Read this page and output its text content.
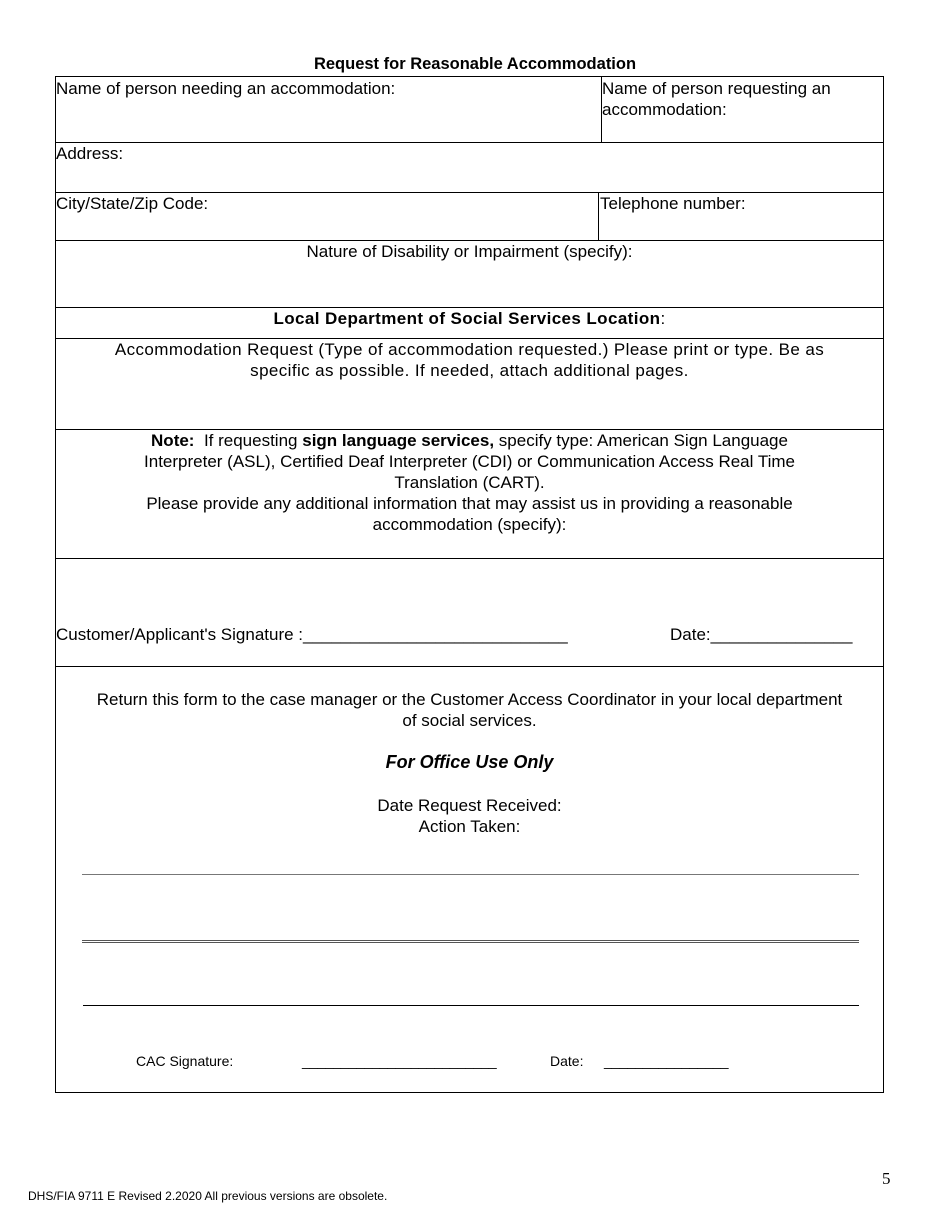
Request for Reasonable Accommodation
Name of person needing an accommodation:	Name of person requesting an accommodation:
Address:
City/State/Zip Code:	Telephone number:
Nature of Disability or Impairment (specify):
Local Department of Social Services Location:
Accommodation Request (Type of accommodation requested.) Please print or type. Be as
specific as possible. If needed, attach additional pages.
Note: If requesting sign language services, specify type: American Sign Language
Interpreter (ASL), Certified Deaf Interpreter (CDI) or Communication Access Real Time
Translation (CART).
Please provide any additional information that may assist us in providing a reasonable
accommodation (specify):
Customer/Applicant's Signature :____________________________	Date:_______________
Return this form to the case manager or the Customer Access Coordinator in your local department
of social services.
For Office Use Only
Date Request Received:
Action Taken:
CAC Signature:	_________________________	Date: ________________
5
DHS/FIA 9711 E Revised 2.2020 All previous versions are obsolete.
